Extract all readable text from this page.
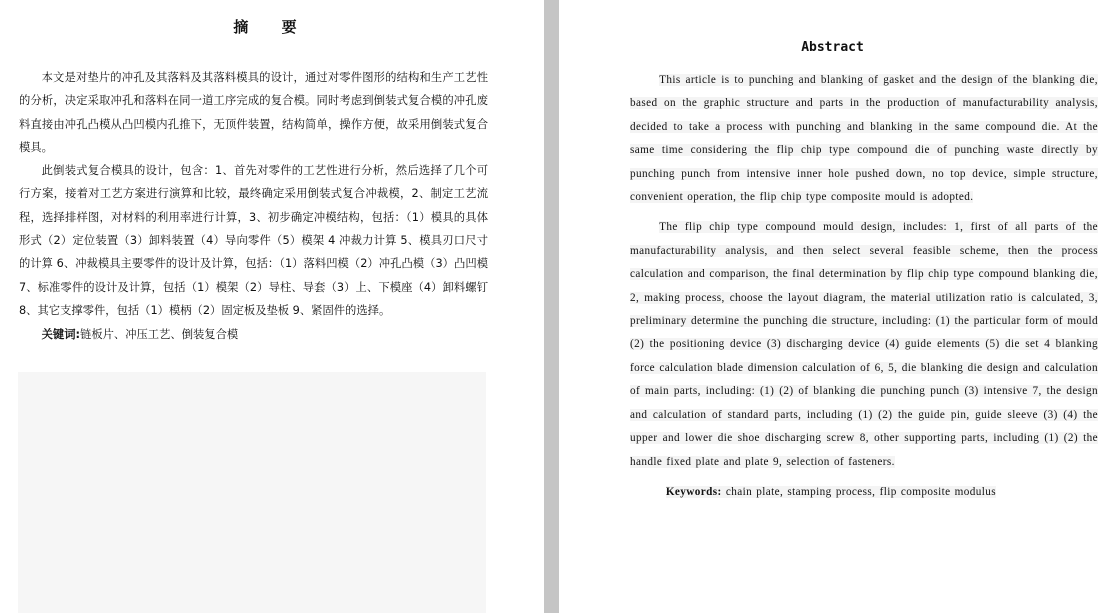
摘 要

本文是对垫片的冲孔及其落料及其落料模具的设计，通过对零件图形的结构和生产工艺性的分析，决定采取冲孔和落料在同一道工序完成的复合模。同时考虑到倒装式复合模的冲孔废料直接由冲孔凸模从凸凹模内孔推下，无顶件装置，结构简单，操作方便，故采用倒装式复合模具。

此倒装式复合模具的设计，包含：1、首先对零件的工艺性进行分析，然后选择了几个可行方案，接着对工艺方案进行演算和比较，最终确定采用倒装式复合冲裁模，2、制定工艺流程，选择排样图，对材料的利用率进行计算，3、初步确定冲模结构，包括：（1）模具的具体形式（2）定位装置（3）卸料装置（4）导向零件（5）模架 4 冲裁力计算 5、模具刃口尺寸的计算 6、冲裁模具主要零件的设计及计算，包括：（1）落料凹模（2）冲孔凸模（3）凸凹模 7、标准零件的设计及计算，包括（1）模架（2）导柱、导套（3）上、下模座（4）卸料螺钉 8、其它支撑零件，包括（1）模柄（2）固定板及垫板 9、紧固件的选择。

关键词:链板片、冲压工艺、倒装复合模

Abstract

This article is to punching and blanking of gasket and the design of the blanking die, based on the graphic structure and parts in the production of manufacturability analysis, decided to take a process with punching and blanking in the same compound die. At the same time considering the flip chip type compound die of punching waste directly by punching punch from intensive inner hole pushed down, no top device, simple structure, convenient operation, the flip chip type composite mould is adopted.

The flip chip type compound mould design, includes: 1, first of all parts of the manufacturability analysis, and then select several feasible scheme, then the process calculation and comparison, the final determination by flip chip type compound blanking die, 2, making process, choose the layout diagram, the material utilization ratio is calculated, 3, preliminary determine the punching die structure, including: (1) the particular form of mould (2) the positioning device (3) discharging device (4) guide elements (5) die set 4 blanking force calculation blade dimension calculation of 6, 5, die blanking die design and calculation of main parts, including: (1) (2) of blanking die punching punch (3) intensive 7, the design and calculation of standard parts, including (1) (2) the guide pin, guide sleeve (3) (4) the upper and lower die shoe discharging screw 8, other supporting parts, including (1) (2) the handle fixed plate and plate 9, selection of fasteners.

Keywords: chain plate, stamping process, flip composite modulus
